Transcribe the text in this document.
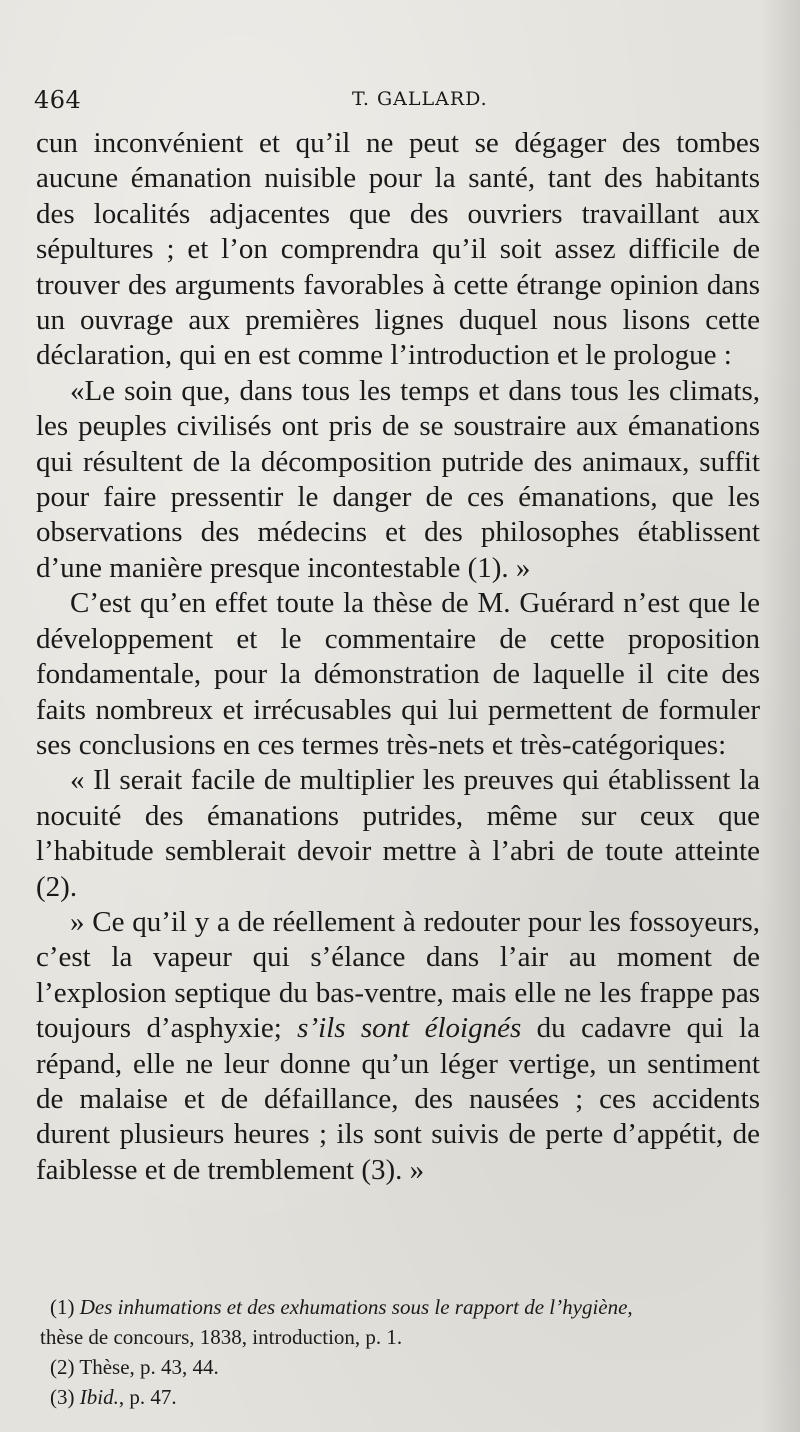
464	T. GALLARD.

cun inconvénient et qu’il ne peut se dégager des tombes aucune émanation nuisible pour la santé, tant des habitants des localités adjacentes que des ouvriers travaillant aux sépultures ; et l’on comprendra qu’il soit assez difficile de trouver des arguments favorables à cette étrange opinion dans un ouvrage aux premières lignes duquel nous lisons cette déclaration, qui en est comme l’introduction et le prologue :

«Le soin que, dans tous les temps et dans tous les climats, les peuples civilisés ont pris de se soustraire aux émanations qui résultent de la décomposition putride des animaux, suffit pour faire pressentir le danger de ces émanations, que les observations des médecins et des philosophes établissent d’une manière presque incontestable (1). »

C’est qu’en effet toute la thèse de M. Guérard n’est que le développement et le commentaire de cette proposition fondamentale, pour la démonstration de laquelle il cite des faits nombreux et irrécusables qui lui permettent de formuler ses conclusions en ces termes très-nets et très-catégoriques:

« Il serait facile de multiplier les preuves qui établissent la nocuité des émanations putrides, même sur ceux que l’habitude semblerait devoir mettre à l’abri de toute atteinte (2).

» Ce qu’il y a de réellement à redouter pour les fossoyeurs, c’est la vapeur qui s’élance dans l’air au moment de l’explosion septique du bas-ventre, mais elle ne les frappe pas toujours d’asphyxie; s’ils sont éloignés du cadavre qui la répand, elle ne leur donne qu’un léger vertige, un sentiment de malaise et de défaillance, des nausées ; ces accidents durent plusieurs heures ; ils sont suivis de perte d’appétit, de faiblesse et de tremblement (3). »

(1) Des inhumations et des exhumations sous le rapport de l’hygiène,

thèse de concours, 1838, introduction, p. 1.

(2) Thèse, p. 43, 44.

(3) Ibid., p. 47.
